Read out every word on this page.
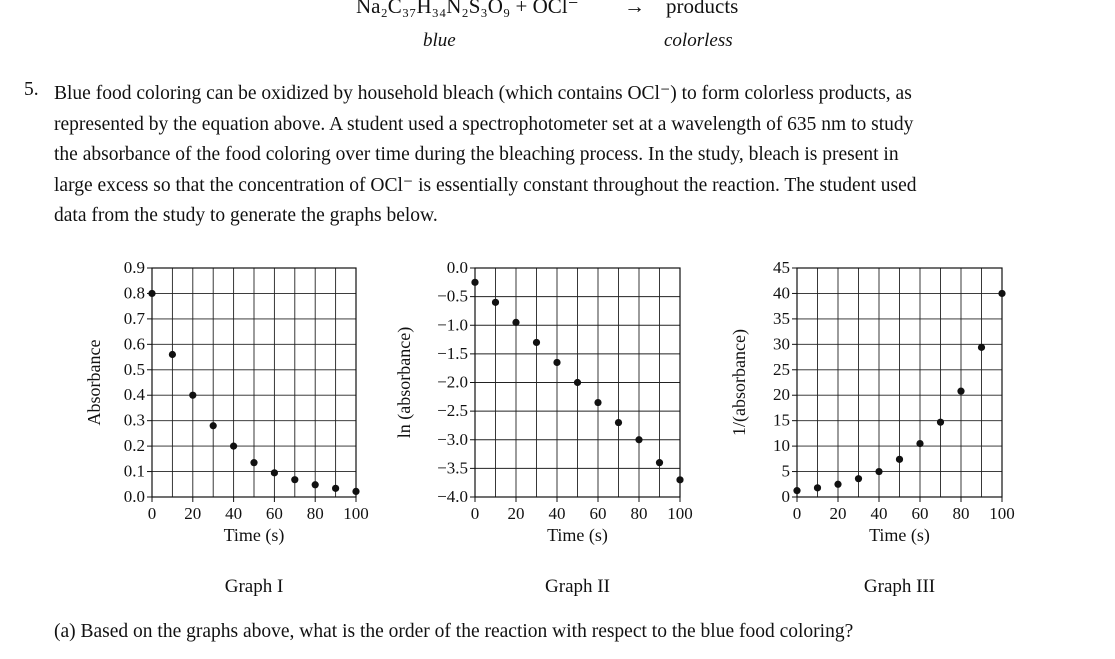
Na₂C₃₇H₃₄N₂S₃O₉ + OCl⁻ → products
blue	colorless
5. Blue food coloring can be oxidized by household bleach (which contains OCl⁻) to form colorless products, as
represented by the equation above. A student used a spectrophotometer set at a wavelength of 635 nm to study
the absorbance of the food coloring over time during the bleaching process. In the study, bleach is present in
large excess so that the concentration of OCl⁻ is essentially constant throughout the reaction. The student used
data from the study to generate the graphs below.
0.0
0.1
0.2
0.3
0.4
0.5
0.6
0.7
0.8
0.9
0 20 40 60 80 100
Time (s)
Absorbance
Graph I
−4.0
−3.5
−3.0
−2.5
−2.0
−1.5
−1.0
−0.5
0.0
0 20 40 60 80 100
Time (s)
ln (absorbance)
Graph II
0
5
10
15
20
25
30
35
40
45
0 20 40 60 80 100
Time (s)
1/(absorbance)
Graph III
(a) Based on the graphs above, what is the order of the reaction with respect to the blue food coloring?
